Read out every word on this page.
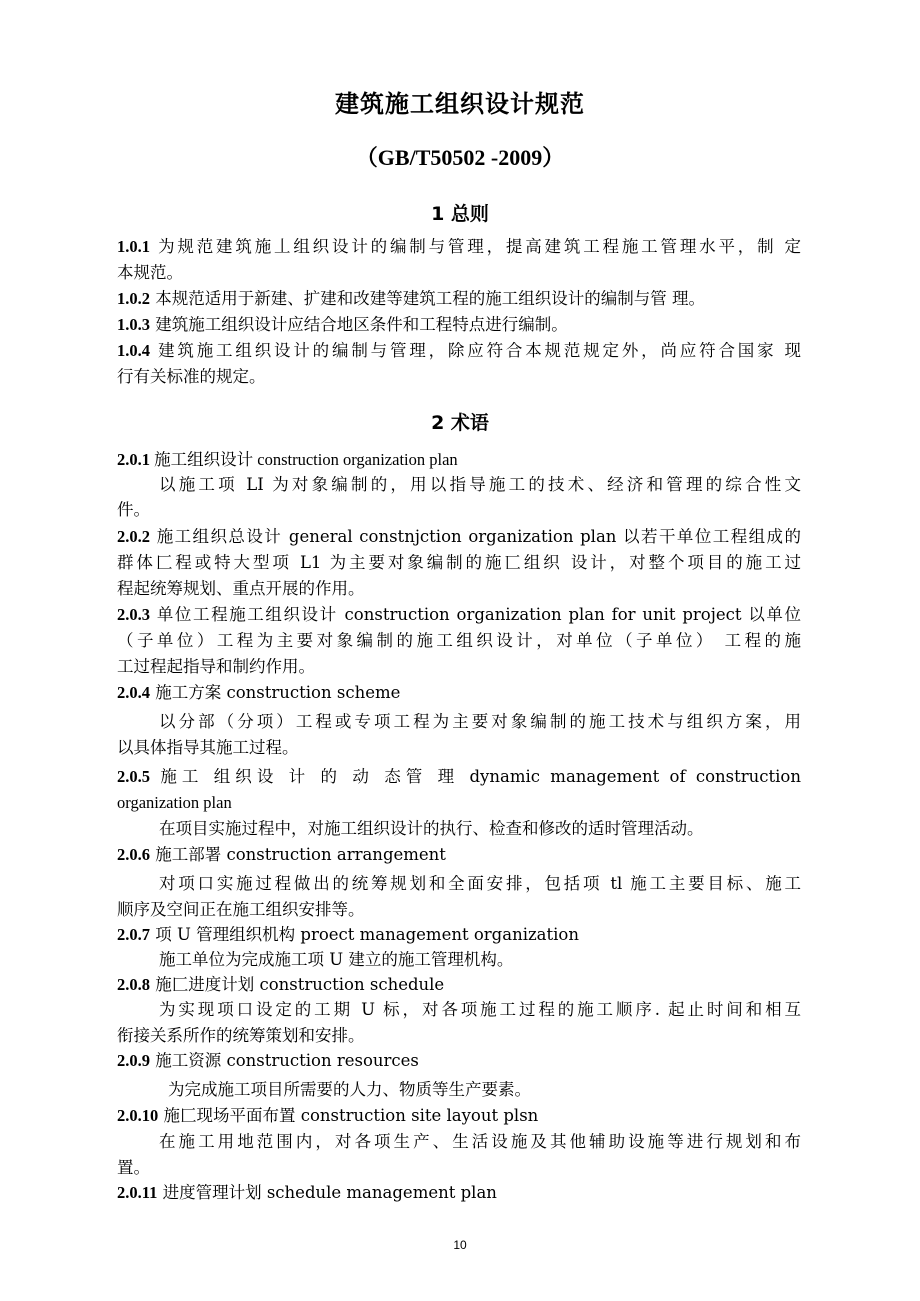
建筑施工组织设计规范
（GB/T50502 -2009）
1 总则
1.0.1 为规范建筑施丄组织设计的编制与管理，提高建筑工程施工管理水平，制 定
本规范。
1.0.2 本规范适用于新建、扩建和改建等建筑工程的施工组织设计的编制与管 理。
1.0.3 建筑施工组织设计应结合地区条件和工程特点进行编制。
1.0.4 建筑施工组织设计的编制与管理，除应符合本规范规定外，尚应符合国家 现
行有关标准的规定。
2 术语
2.0.1 施工组织设计 construction organization plan
以施工项 LI 为对象编制的，用以指导施工的技术、经济和管理的综合性文
件。
2.0.2 施工组织总设计 general constnjction organization plan 以若干单位工程组成的
群体匚程或特大型项 L1 为主要对象编制的施匸组织 设计，对整个项目的施工过
程起统筹规划、重点开展的作用。
2.0.3 单位工程施工组织设计 construction organization plan for unit project 以单位
（子单位）工程为主要对象编制的施工组织设计，对单位（子单位） 工程的施
工过程起指导和制约作用。
2.0.4 施工方案 construction scheme
以分部（分项）工程或专项工程为主要对象编制的施工技术与组织方案，用
以具体指导其施工过程。
2.0.5 施工 组织设 计 的 动 态管 理 dynamic management of construction
organization plan
在项目实施过程中，对施工组织设计的执行、检查和修改的适时管理活动。
2.0.6 施工部署 construction arrangement
对项口实施过程做出的统筹规划和全面安排，包括项 tl 施工主要目标、施工
顺序及空间正在施工组织安排等。
2.0.7 项 U 管理组织机构 proect management organization
施工单位为完成施工项 U 建立的施工管理机构。
2.0.8 施匚进度计划 construction schedule
为实现项口设定的工期 U 标，对各项施工过程的施工顺序. 起止时间和相互
衔接关系所作的统筹策划和安排。
2.0.9 施工资源 construction resources
为完成施工项目所需要的人力、物质等生产要素。
2.0.10 施匚现场平面布置 construction site layout plsn
在施工用地范围内，对各项生产、生活设施及其他辅助设施等进行规划和布
置。
2.0.11 进度管理计划 schedule management plan
10
